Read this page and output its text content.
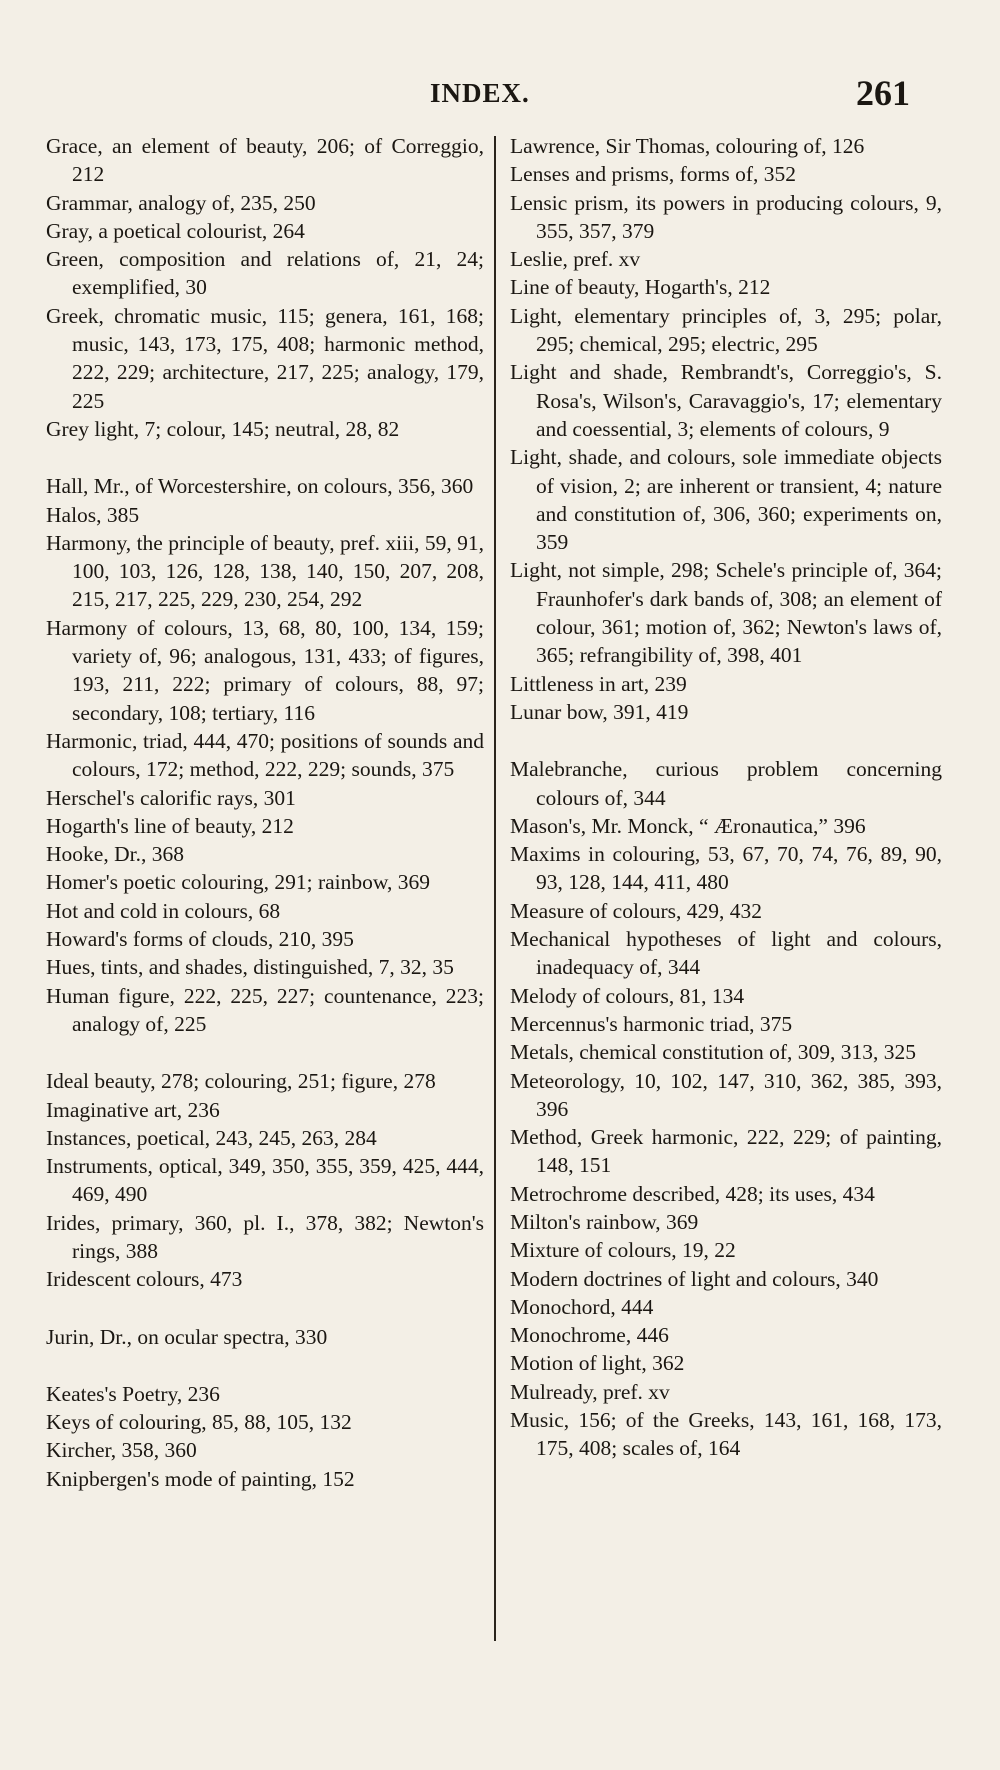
INDEX.	261

Grace, an element of beauty, 206; of Correggio, 212

Grammar, analogy of, 235, 250

Gray, a poetical colourist, 264

Green, composition and relations of, 21, 24; exemplified, 30

Greek, chromatic music, 115; genera, 161, 168; music, 143, 173, 175, 408; harmonic method, 222, 229; architecture, 217, 225; analogy, 179, 225

Grey light, 7; colour, 145; neutral, 28, 82

Hall, Mr., of Worcestershire, on colours, 356, 360

Halos, 385

Harmony, the principle of beauty, pref. xiii, 59, 91, 100, 103, 126, 128, 138, 140, 150, 207, 208, 215, 217, 225, 229, 230, 254, 292

Harmony of colours, 13, 68, 80, 100, 134, 159; variety of, 96; analogous, 131, 433; of figures, 193, 211, 222; primary of colours, 88, 97; secondary, 108; tertiary, 116

Harmonic, triad, 444, 470; positions of sounds and colours, 172; method, 222, 229; sounds, 375

Herschel's calorific rays, 301

Hogarth's line of beauty, 212

Hooke, Dr., 368

Homer's poetic colouring, 291; rainbow, 369

Hot and cold in colours, 68

Howard's forms of clouds, 210, 395

Hues, tints, and shades, distinguished, 7, 32, 35

Human figure, 222, 225, 227; countenance, 223; analogy of, 225

Ideal beauty, 278; colouring, 251; figure, 278

Imaginative art, 236

Instances, poetical, 243, 245, 263, 284

Instruments, optical, 349, 350, 355, 359, 425, 444, 469, 490

Irides, primary, 360, pl. I., 378, 382; Newton's rings, 388

Iridescent colours, 473

Jurin, Dr., on ocular spectra, 330

Keates's Poetry, 236

Keys of colouring, 85, 88, 105, 132

Kircher, 358, 360

Knipbergen's mode of painting, 152

Lawrence, Sir Thomas, colouring of, 126

Lenses and prisms, forms of, 352

Lensic prism, its powers in producing colours, 9, 355, 357, 379

Leslie, pref. xv

Line of beauty, Hogarth's, 212

Light, elementary principles of, 3, 295; polar, 295; chemical, 295; electric, 295

Light and shade, Rembrandt's, Correggio's, S. Rosa's, Wilson's, Caravaggio's, 17; elementary and coessential, 3; elements of colours, 9

Light, shade, and colours, sole immediate objects of vision, 2; are inherent or transient, 4; nature and constitution of, 306, 360; experiments on, 359

Light, not simple, 298; Schele's principle of, 364; Fraunhofer's dark bands of, 308; an element of colour, 361; motion of, 362; Newton's laws of, 365; refrangibility of, 398, 401

Littleness in art, 239

Lunar bow, 391, 419

Malebranche, curious problem concerning colours of, 344

Mason's, Mr. Monck, “ Æronautica,” 396

Maxims in colouring, 53, 67, 70, 74, 76, 89, 90, 93, 128, 144, 411, 480

Measure of colours, 429, 432

Mechanical hypotheses of light and colours, inadequacy of, 344

Melody of colours, 81, 134

Mercennus's harmonic triad, 375

Metals, chemical constitution of, 309, 313, 325

Meteorology, 10, 102, 147, 310, 362, 385, 393, 396

Method, Greek harmonic, 222, 229; of painting, 148, 151

Metrochrome described, 428; its uses, 434

Milton's rainbow, 369

Mixture of colours, 19, 22

Modern doctrines of light and colours, 340

Monochord, 444

Monochrome, 446

Motion of light, 362

Mulready, pref. xv

Music, 156; of the Greeks, 143, 161, 168, 173, 175, 408; scales of, 164
